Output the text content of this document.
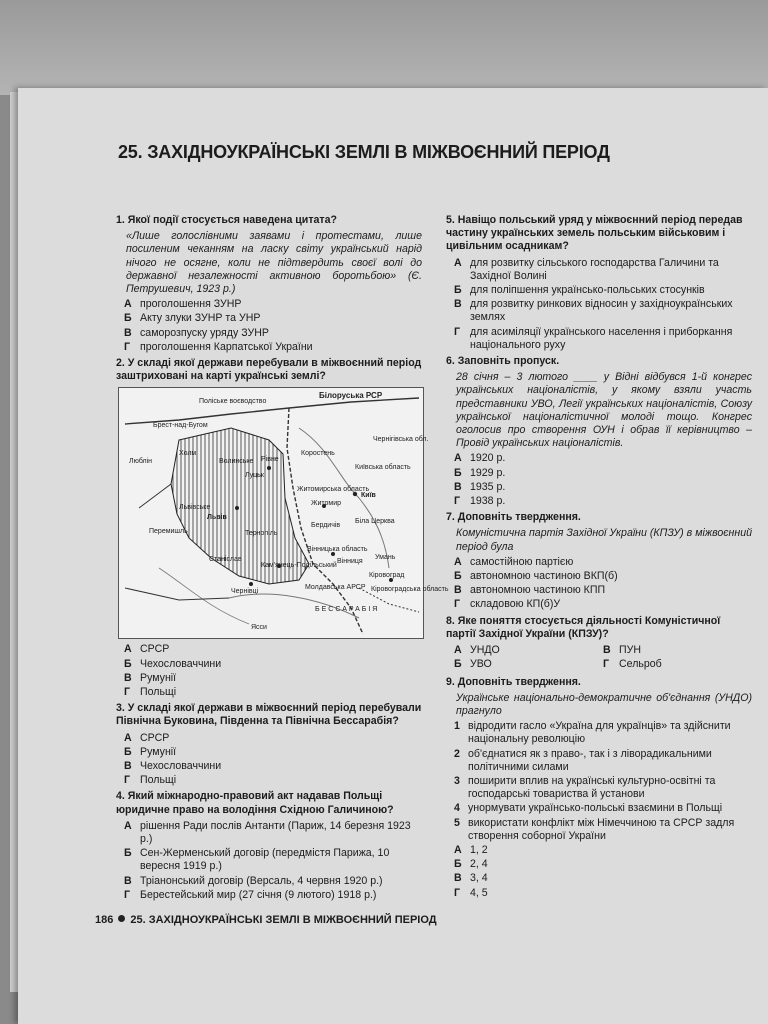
25. ЗАХІДНОУКРАЇНСЬКІ ЗЕМЛІ В МІЖВОЄННИЙ ПЕРІОД
1. Якої події стосується наведена цитата?
«Лише голослівними заявами і протестами, лише посиленим чеканням на ласку світу український нарід нічого не осягне, коли не підтвердить своєї волі до державної незалежності активною боротьбою» (Є. Петрушевич, 1923 р.)
А проголошення ЗУНР
Б Акту злуки ЗУНР та УНР
В саморозпуску уряду ЗУНР
Г проголошення Карпатської України
2. У складі якої держави перебували в міжвоєнний період заштриховані на карті українські землі?
Білоруська РСР
Поліське воєводство
Брест-над-Бугом
Люблін
Холм
Волинське
Луцьк
Рівне
Коростень
Житомирська область
Житомир
Київ
Київська область
Чернігівська обл.
Бердичів
Біла Церква
Львівське
Львів
Перемишль	Тернопіль
Станіслав
Вінницька область
Вінниця
Кам'янець-Подільський
Умань
Кіровоград
Кіровоградська область
Чернівці
Молдавська АРСР
БЕССАРАБІЯ
Ясси
А СРСР
Б Чехословаччини
В Румунії
Г Польщі
3. У складі якої держави в міжвоєнний період перебували Північна Буковина, Південна та Північна Бессарабія?
А СРСР
Б Румунії
В Чехословаччини
Г Польщі
4. Який міжнародно-правовий акт надавав Польщі юридичне право на володіння Східною Галичиною?
А рішення Ради послів Антанти (Париж, 14 березня 1923 р.)
Б Сен-Жерменський договір (передмістя Парижа, 10 вересня 1919 р.)
В Тріанонський договір (Версаль, 4 червня 1920 р.)
Г Берестейський мир (27 січня (9 лютого) 1918 р.)
5. Навіщо польський уряд у міжвоєнний період передав частину українських земель польським військовим і цивільним осадникам?
А для розвитку сільського господарства Галичини та Західної Волині
Б для поліпшення українсько-польських стосунків
В для розвитку ринкових відносин у західноукраїнських землях
Г для асиміляції українського населення і приборкання національного руху
6. Заповніть пропуск.
28 січня – 3 лютого ____ у Відні відбувся 1-й конгрес українських націоналістів, у якому взяли участь представники УВО, Легії українських націоналістів, Союзу української націоналістичної молоді тощо. Конгрес оголосив про створення ОУН і обрав її керівництво – Провід українських націоналістів.
А 1920 р.
Б 1929 р.
В 1935 р.
Г 1938 р.
7. Доповніть твердження.
Комуністична партія Західної України (КПЗУ) в міжвоєнний період була
А самостійною партією
Б автономною частиною ВКП(б)
В автономною частиною КПП
Г складовою КП(б)У
8. Яке поняття стосується діяльності Комуністичної партії Західної України (КПЗУ)?
А УНДО	В ПУН
Б УВО	Г Сельроб
9. Доповніть твердження.
Українське національно-демократичне об'єднання (УНДО) прагнуло
1 відродити гасло «Україна для українців» та здійснити національну революцію
2 об'єднатися як з право-, так і з ліворадикальними політичними силами
3 поширити вплив на українські культурно-освітні та господарські товариства й установи
4 унормувати українсько-польські взаємини в Польщі
5 використати конфлікт між Німеччиною та СРСР задля створення соборної України
А 1, 2
Б 2, 4
В 3, 4
Г 4, 5
186 25. ЗАХІДНОУКРАЇНСЬКІ ЗЕМЛІ В МІЖВОЄННИЙ ПЕРІОД
